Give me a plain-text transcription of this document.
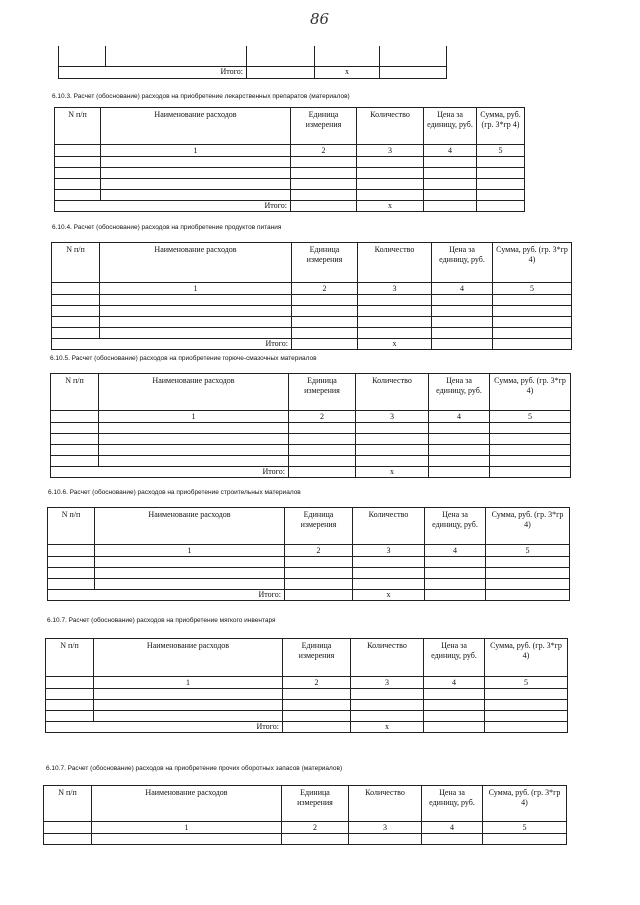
86

Итого:			x	
6.10.3. Расчет (обоснование) расходов на приобретение лекарственных препаратов (материалов)
N п/п	Наименование расходов	Единица измерения	Количество	Цена за единицу, руб.	Сумма, руб. (гр. 3*гр 4)
	1	2	3	4	5

Итого:			x		
6.10.4. Расчет (обоснование) расходов на приобретение продуктов питания
N п/п	Наименование расходов	Единица измерения	Количество	Цена за единицу, руб.	Сумма, руб. (гр. 3*гр 4)
	1	2	3	4	5

Итого:			x		
6.10.5. Расчет (обоснование) расходов на приобретение горюче-смазочных материалов
N п/п	Наименование расходов	Единица измерения	Количество	Цена за единицу, руб.	Сумма, руб. (гр. 3*гр 4)
	1	2	3	4	5

Итого:			x		
6.10.6. Расчет (обоснование) расходов на приобретение строительных материалов
N п/п	Наименование расходов	Единица измерения	Количество	Цена за единицу, руб.	Сумма, руб. (гр. 3*гр 4)
	1	2	3	4	5

Итого:			x		
6.10.7. Расчет (обоснование) расходов на приобретение мягкого инвентаря
N п/п	Наименование расходов	Единица измерения	Количество	Цена за единицу, руб.	Сумма, руб. (гр. 3*гр 4)
	1	2	3	4	5

Итого:			x		
6.10.7. Расчет (обоснование) расходов на приобретение прочих оборотных запасов (материалов)
N п/п	Наименование расходов	Единица измерения	Количество	Цена за единицу, руб.	Сумма, руб. (гр. 3*гр 4)
	1	2	3	4	5
